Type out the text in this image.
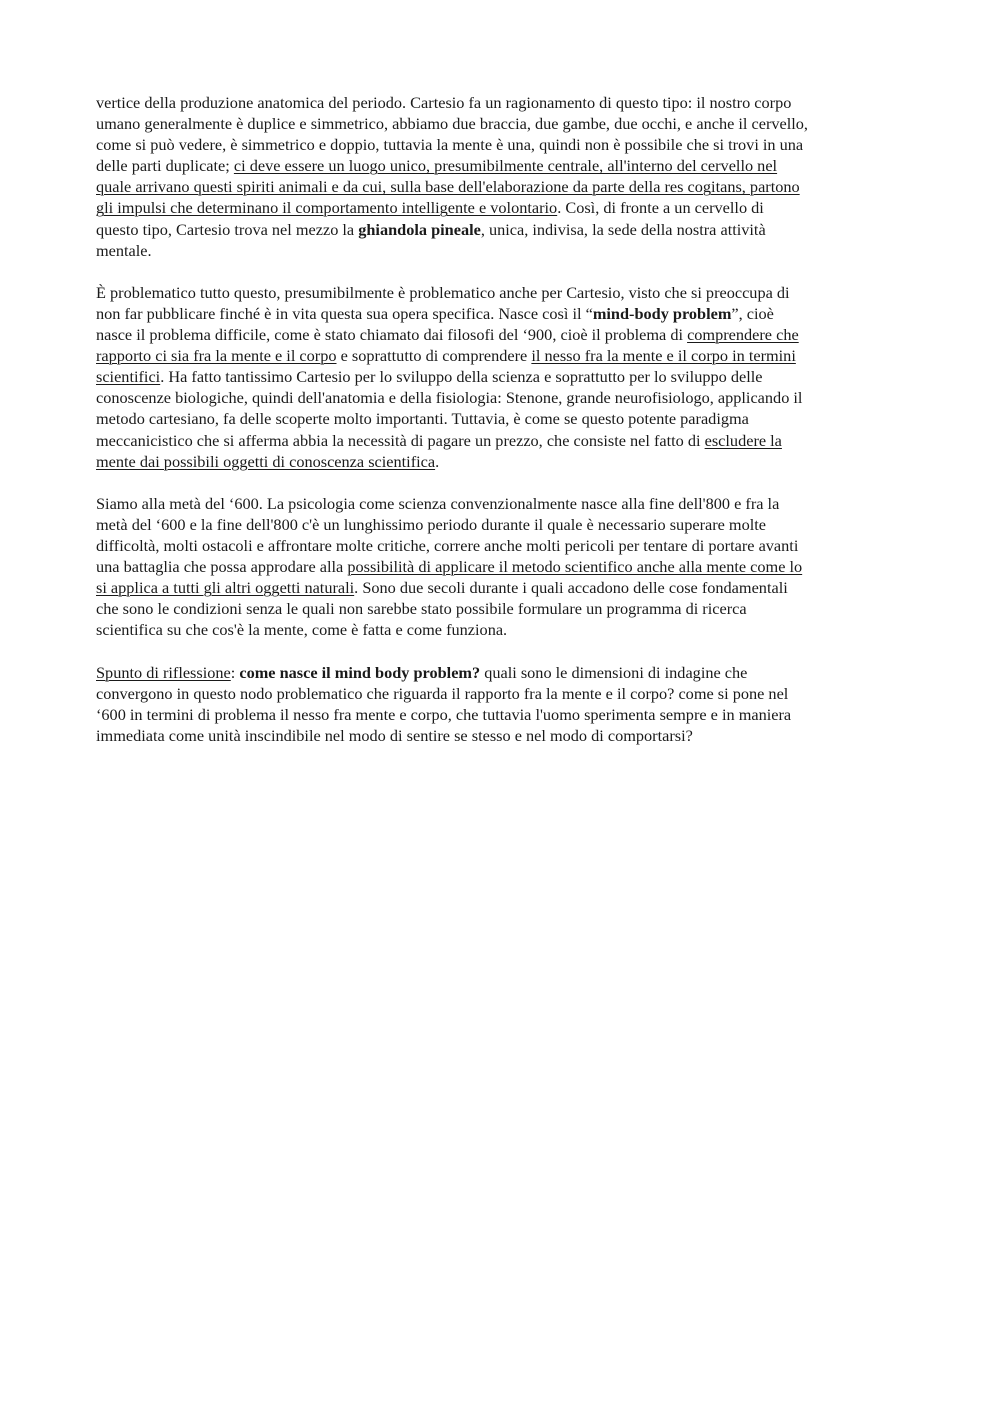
vertice della produzione anatomica del periodo. Cartesio fa un ragionamento di questo tipo: il nostro corpo
umano generalmente è duplice e simmetrico, abbiamo due braccia, due gambe, due occhi, e anche il cervello,
come si può vedere, è simmetrico e doppio, tuttavia la mente è una, quindi non è possibile che si trovi in una
delle parti duplicate; ci deve essere un luogo unico, presumibilmente centrale, all'interno del cervello nel
quale arrivano questi spiriti animali e da cui, sulla base dell'elaborazione da parte della res cogitans, partono
gli impulsi che determinano il comportamento intelligente e volontario. Così, di fronte a un cervello di
questo tipo, Cartesio trova nel mezzo la ghiandola pineale, unica, indivisa, la sede della nostra attività
mentale.

È problematico tutto questo, presumibilmente è problematico anche per Cartesio, visto che si preoccupa di
non far pubblicare finché è in vita questa sua opera specifica. Nasce così il “mind-body problem”, cioè
nasce il problema difficile, come è stato chiamato dai filosofi del ‘900, cioè il problema di comprendere che
rapporto ci sia fra la mente e il corpo e soprattutto di comprendere il nesso fra la mente e il corpo in termini
scientifici. Ha fatto tantissimo Cartesio per lo sviluppo della scienza e soprattutto per lo sviluppo delle
conoscenze biologiche, quindi dell'anatomia e della fisiologia: Stenone, grande neurofisiologo, applicando il
metodo cartesiano, fa delle scoperte molto importanti. Tuttavia, è come se questo potente paradigma
meccanicistico che si afferma abbia la necessità di pagare un prezzo, che consiste nel fatto di escludere la
mente dai possibili oggetti di conoscenza scientifica.

Siamo alla metà del ‘600. La psicologia come scienza convenzionalmente nasce alla fine dell'800 e fra la
metà del ‘600 e la fine dell'800 c'è un lunghissimo periodo durante il quale è necessario superare molte
difficoltà, molti ostacoli e affrontare molte critiche, correre anche molti pericoli per tentare di portare avanti
una battaglia che possa approdare alla possibilità di applicare il metodo scientifico anche alla mente come lo
si applica a tutti gli altri oggetti naturali. Sono due secoli durante i quali accadono delle cose fondamentali
che sono le condizioni senza le quali non sarebbe stato possibile formulare un programma di ricerca
scientifica su che cos'è la mente, come è fatta e come funziona.

Spunto di riflessione: come nasce il mind body problem? quali sono le dimensioni di indagine che
convergono in questo nodo problematico che riguarda il rapporto fra la mente e il corpo? come si pone nel
‘600 in termini di problema il nesso fra mente e corpo, che tuttavia l'uomo sperimenta sempre e in maniera
immediata come unità inscindibile nel modo di sentire se stesso e nel modo di comportarsi?
